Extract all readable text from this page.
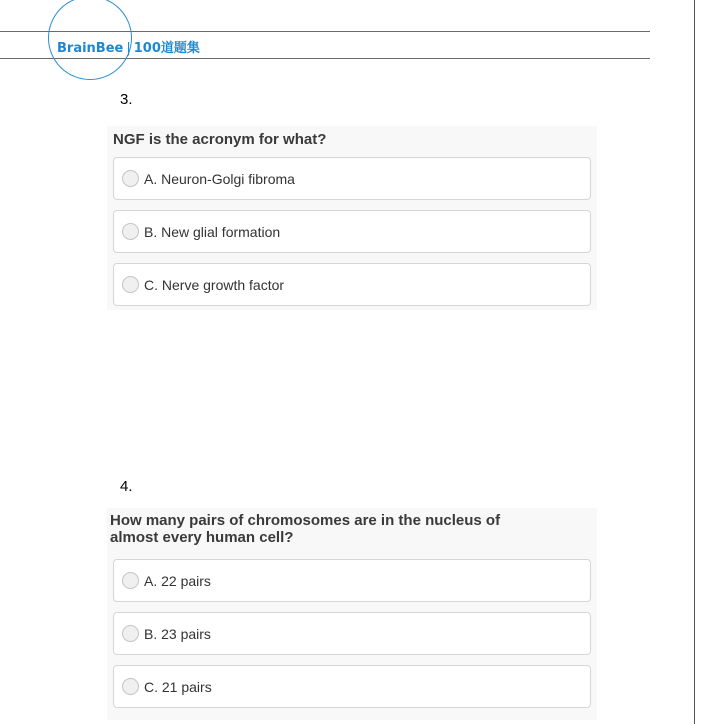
BrainBee | 100道题集
3.
NGF is the acronym for what?
A. Neuron-Golgi fibroma
B. New glial formation
C. Nerve growth factor
4.
How many pairs of chromosomes are in the nucleus of
almost every human cell?
A. 22 pairs
B. 23 pairs
C. 21 pairs
